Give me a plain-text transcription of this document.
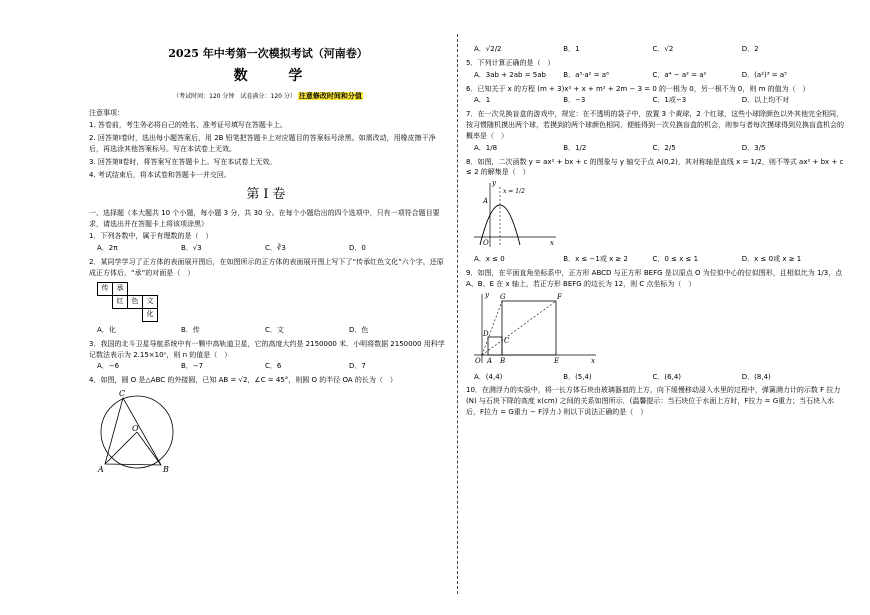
2025 年中考第一次模拟考试（河南卷）
数 学
（考试时间：120 分钟　试卷满分：120 分） 注意修改时间和分值
注意事项：
1. 答卷前，考生务必将自己的姓名、准考证号填写在答题卡上。
2. 回答第Ⅰ卷时，选出每小题答案后，用 2B 铅笔把答题卡上对应题目的答案标号涂黑。如需改动，用橡皮擦干净后，再选涂其他答案标号。写在本试卷上无效。
3. 回答第Ⅱ卷时，将答案写在答题卡上。写在本试卷上无效。
4. 考试结束后，将本试卷和答题卡一并交回。
第Ⅰ卷
一、选择题（本大题共 10 个小题，每小题 3 分，共 30 分。在每个小题给出的四个选项中，只有一项符合题目要求，请选出并在答题卡上将该项涂黑）
1．下列各数中，属于有理数的是（　）
A．2π	B．√3	C．∛3	D．0
2．某同学学习了正方体的表面展开图后，在如图所示的正方体的表面展开图上写下了“传承红色文化”六个字，还原成正方体后，“承”的对面是（　）
传	承		
	红	色	文
			化
A．化	B．传	C．文	D．色
3．我国的北斗卫星导航系统中有一颗中高轨道卫星，它的高度大约是 2150000 米．小明将数据 2150000 用科学记数法表示为 2.15×10ⁿ，则 n 的值是（　）
A．−6	B．−7	C．6	D．7
4．如图，圆 O 是△ABC 的外接圆，已知 AB = √2，∠C = 45°，则圆 O 的半径 OA 的长为（　）
C
O
A	B
A．√2/2	B．1	C．√2	D．2
5．下列计算正确的是（　）
A．3ab + 2ab = 5ab	B．a³·a² = a⁶	C．a⁴ − a² = a²	D．(a²)³ = a⁵
6．已知关于 x 的方程 (m + 3)x² + x + m² + 2m − 3 = 0 的一根为 0，另一根不为 0，则 m 的值为（　）
A．1	B．−3	C．1或−3	D．以上均不对
7．在一次兑换盲盒的游戏中，规定：在不透明的袋子中，放置 3 个黄球，2 个红球，这些小球除颜色以外其他完全相同，按习惯随机摸出两个球，若摸到的两个球颜色相同，便能得到一次兑换盲盒的机会，则参与者每次摸球得到兑换盲盒机会的概率是（　）
A．1/8	B．1/2	C．2/5	D．3/5
8．如图，二次函数 y = ax² + bx + c 的图象与 y 轴交于点 A(0,2)，其对称轴是直线 x = 1/2，则不等式 ax² + bx + c ≤ 2 的解集是（　）
y
A
x = 1/2
O	x
A．x ≤ 0	B．x ≤ −1或 x ≥ 2	C．0 ≤ x ≤ 1	D．x ≤ 0或 x ≥ 1
9．如图，在平面直角坐标系中，正方形 ABCD 与正方形 BEFG 是以原点 O 为位似中心的位似图形，且相似比为 1/3，点 A、B、E 在 x 轴上，若正方形 BEFG 的边长为 12，则 C 点坐标为（　）
y G	F
D
C
O A B	E	x
A．(4,4)	B．(5,4)	C．(6,4)	D．(8,4)
10．在测浮力的实验中，将一长方体石块由玻璃器皿的上方，向下缓慢移动浸入水里的过程中，弹簧测力计的示数 F 拉力(N) 与石块下降的高度 x(cm) 之间的关系如图所示．(温馨提示：当石块位于水面上方时，F拉力 = G重力；当石块入水后，F拉力 = G重力 − F浮力.) 则以下说法正确的是（　）
